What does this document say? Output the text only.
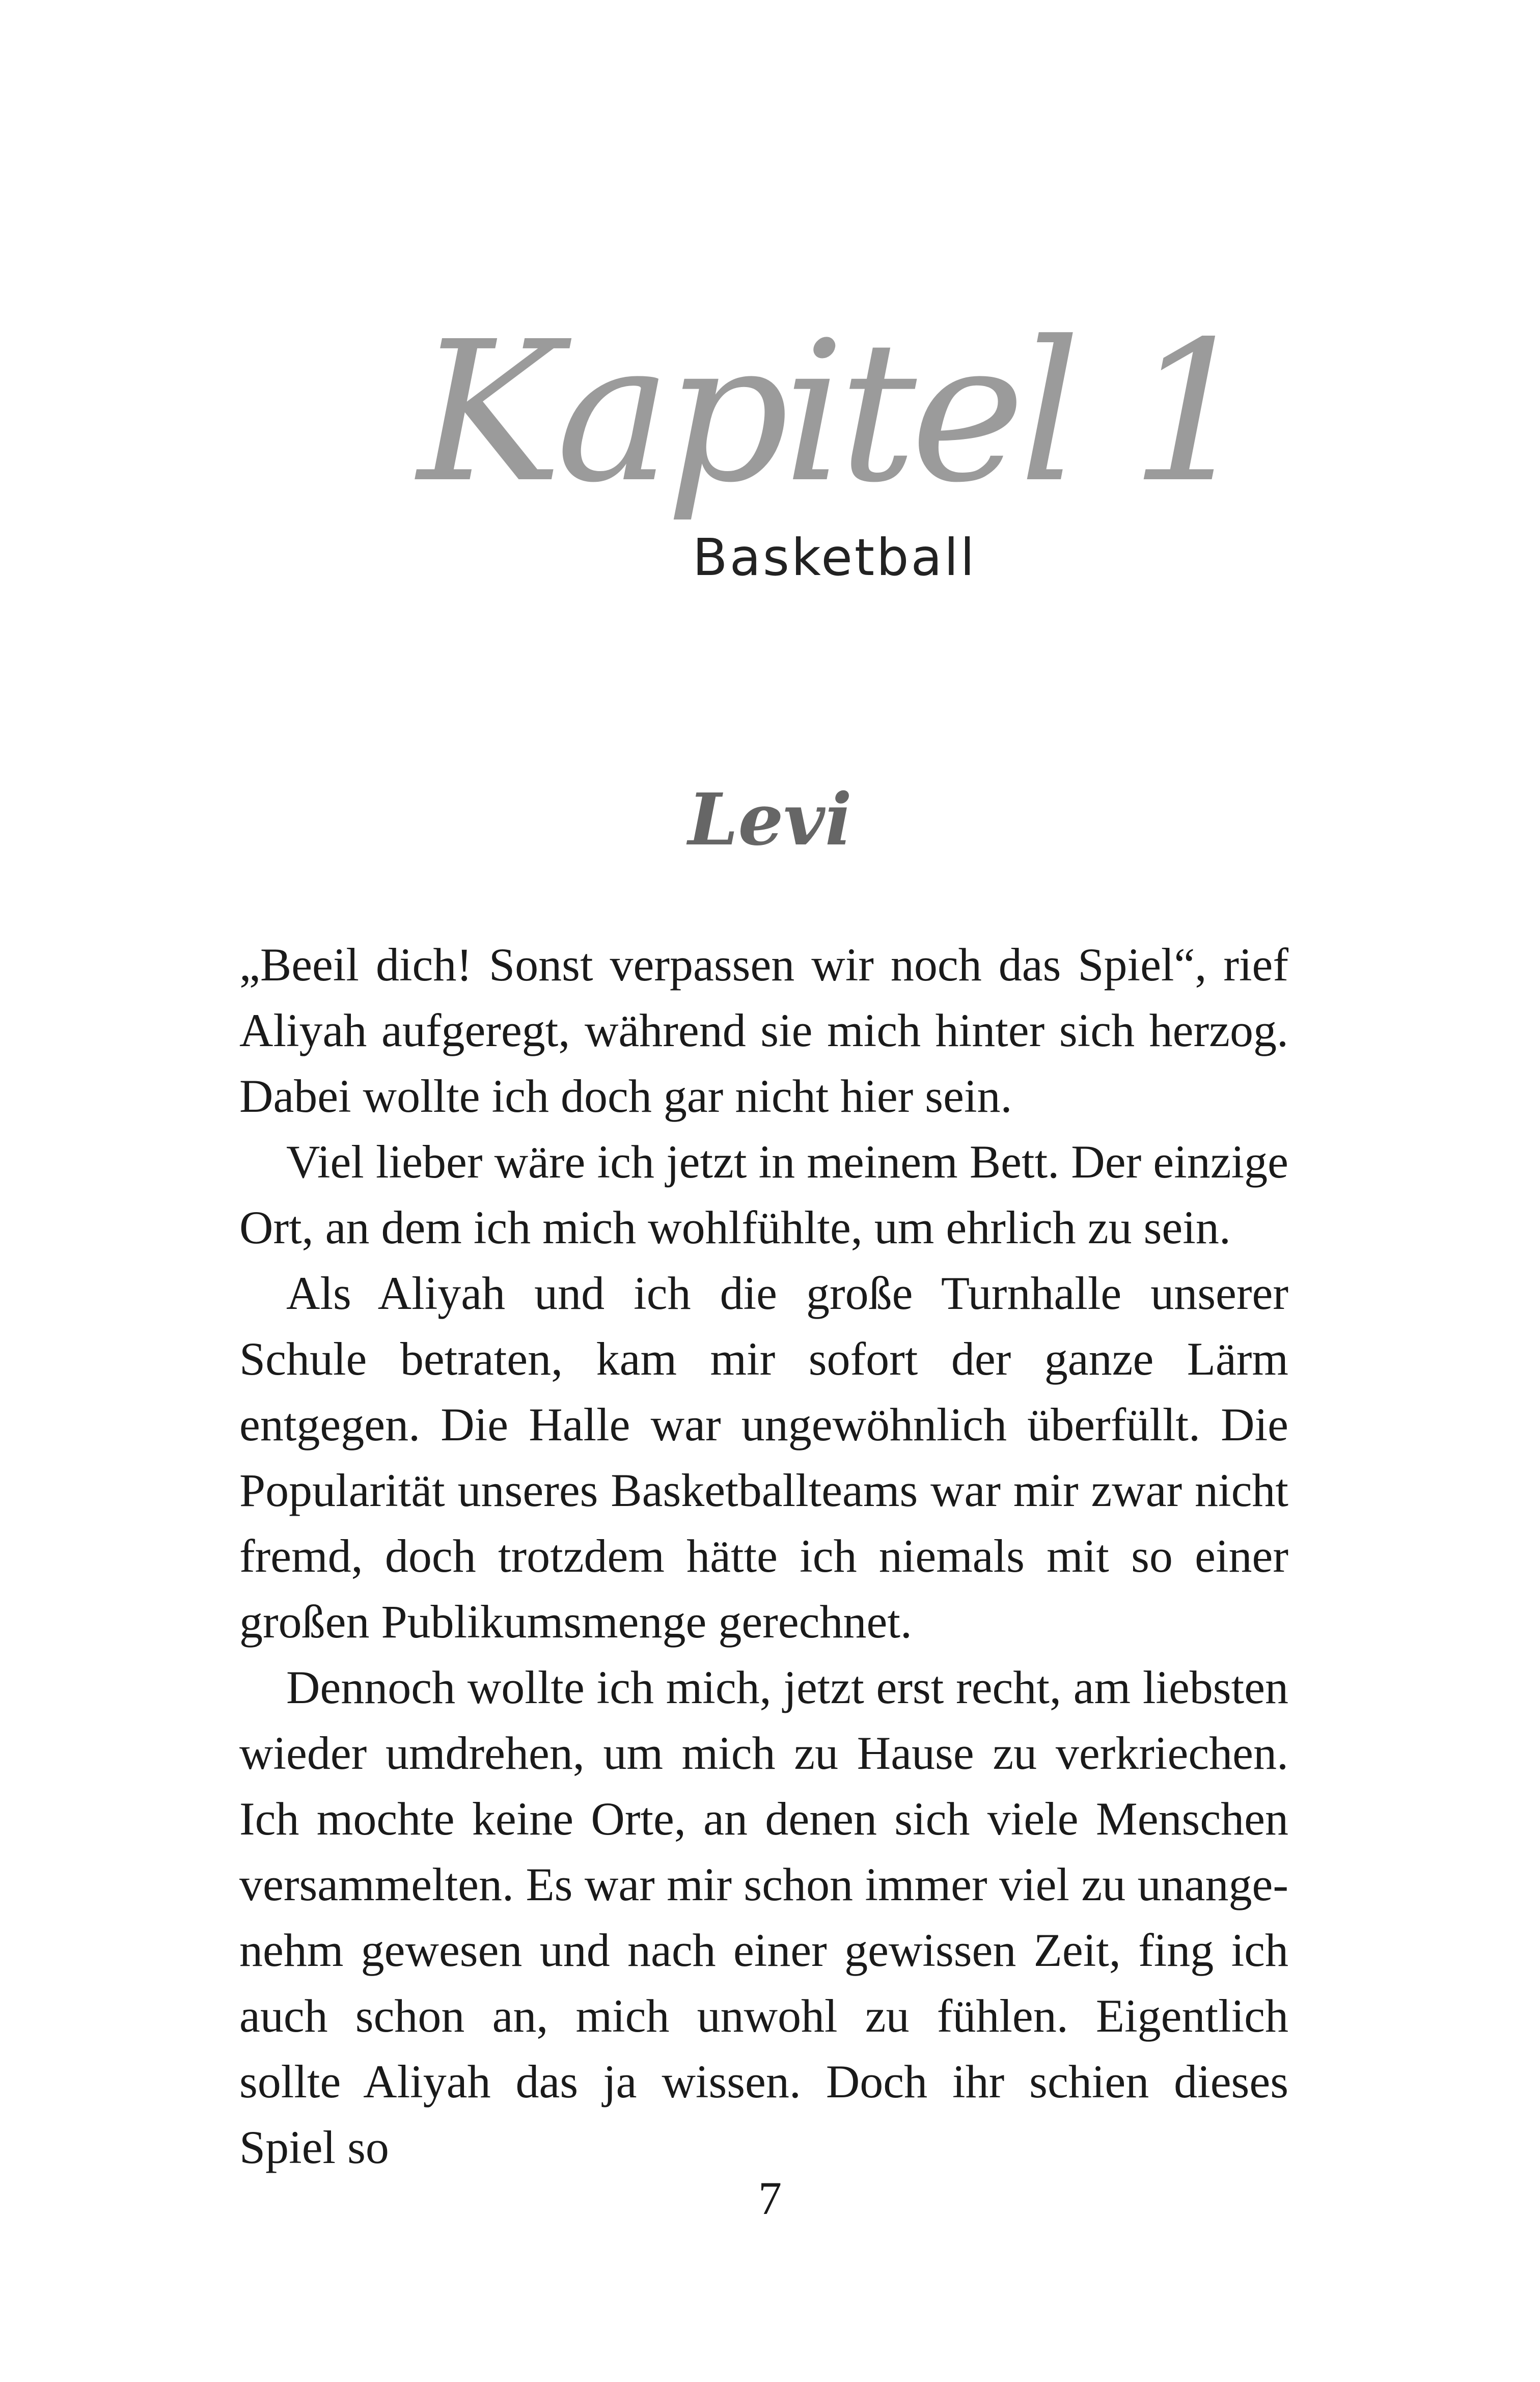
Kapitel 1
Basketball
Levi

„Beeil dich! Sonst verpassen wir noch das Spiel“, rief Aliyah aufgeregt, während sie mich hinter sich herzog. Dabei wollte ich doch gar nicht hier sein.

Viel lieber wäre ich jetzt in meinem Bett. Der einzige Ort, an dem ich mich wohlfühlte, um ehrlich zu sein.

Als Aliyah und ich die große Turnhalle unserer Schule betraten, kam mir sofort der ganze Lärm entgegen. Die Halle war ungewöhnlich überfüllt. Die Popularität unseres Basketballteams war mir zwar nicht fremd, doch trotzdem hätte ich niemals mit so einer großen Publikumsmenge gerechnet.

Dennoch wollte ich mich, jetzt erst recht, am liebsten wieder umdrehen, um mich zu Hause zu verkriechen. Ich mochte keine Orte, an denen sich viele Menschen versammelten. Es war mir schon immer viel zu unangenehm gewesen und nach einer gewissen Zeit, fing ich auch schon an, mich unwohl zu fühlen. Eigentlich sollte Aliyah das ja wissen. Doch ihr schien dieses Spiel so

7
